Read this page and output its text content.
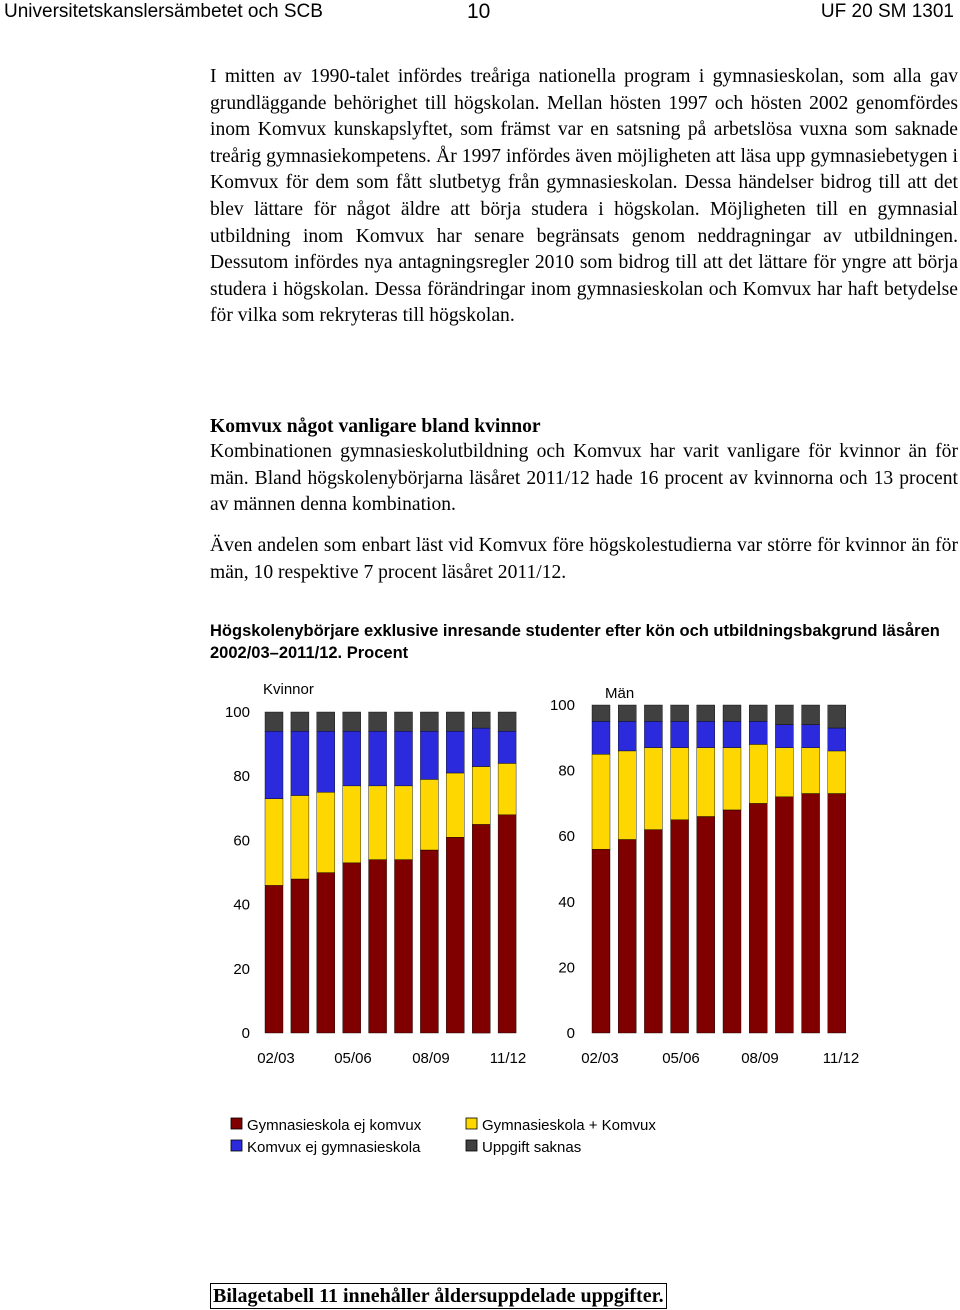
Universitetskanslersämbetet och SCB	10	UF 20 SM 1301

I mitten av 1990-talet infördes treåriga nationella program i gymnasieskolan, som alla gav grundläggande behörighet till högskolan. Mellan hösten 1997 och hösten 2002 genomfördes inom Komvux kunskapslyftet, som främst var en satsning på arbetslösa vuxna som saknade treårig gymnasiekompetens. År 1997 infördes även möjligheten att läsa upp gymnasiebetygen i Komvux för dem som fått slutbetyg från gymnasieskolan. Dessa händelser bidrog till att det blev lättare för något äldre att börja studera i högskolan. Möjligheten till en gymnasial utbildning inom Komvux har senare begränsats genom neddragningar av utbildningen. Dessutom infördes nya antagningsregler 2010 som bidrog till att det lättare för yngre att börja studera i högskolan. Dessa förändringar inom gymnasieskolan och Komvux har haft betydelse för vilka som rekryteras till högskolan.

Komvux något vanligare bland kvinnor

Kombinationen gymnasieskolutbildning och Komvux har varit vanligare för kvinnor än för män. Bland högskolenybörjarna läsåret 2011/12 hade 16 procent av kvinnorna och 13 procent av männen denna kombination.

Även andelen som enbart läst vid Komvux före högskolestudierna var större för kvinnor än för män, 10 respektive 7 procent läsåret 2011/12.

Högskolenybörjare exklusive inresande studenter efter kön och utbildningsbakgrund läsåren 2002/03–2011/12. Procent

Kvinnor
0
20
40
60
80
100
02/03	05/06	08/09	11/12
Män
0
20
40
60
80
100
02/03	05/06	08/09	11/12
Gymnasieskola ej komvux	Gymnasieskola + Komvux
Komvux ej gymnasieskola	Uppgift saknas
Bilagetabell 11 innehåller åldersuppdelade uppgifter.
